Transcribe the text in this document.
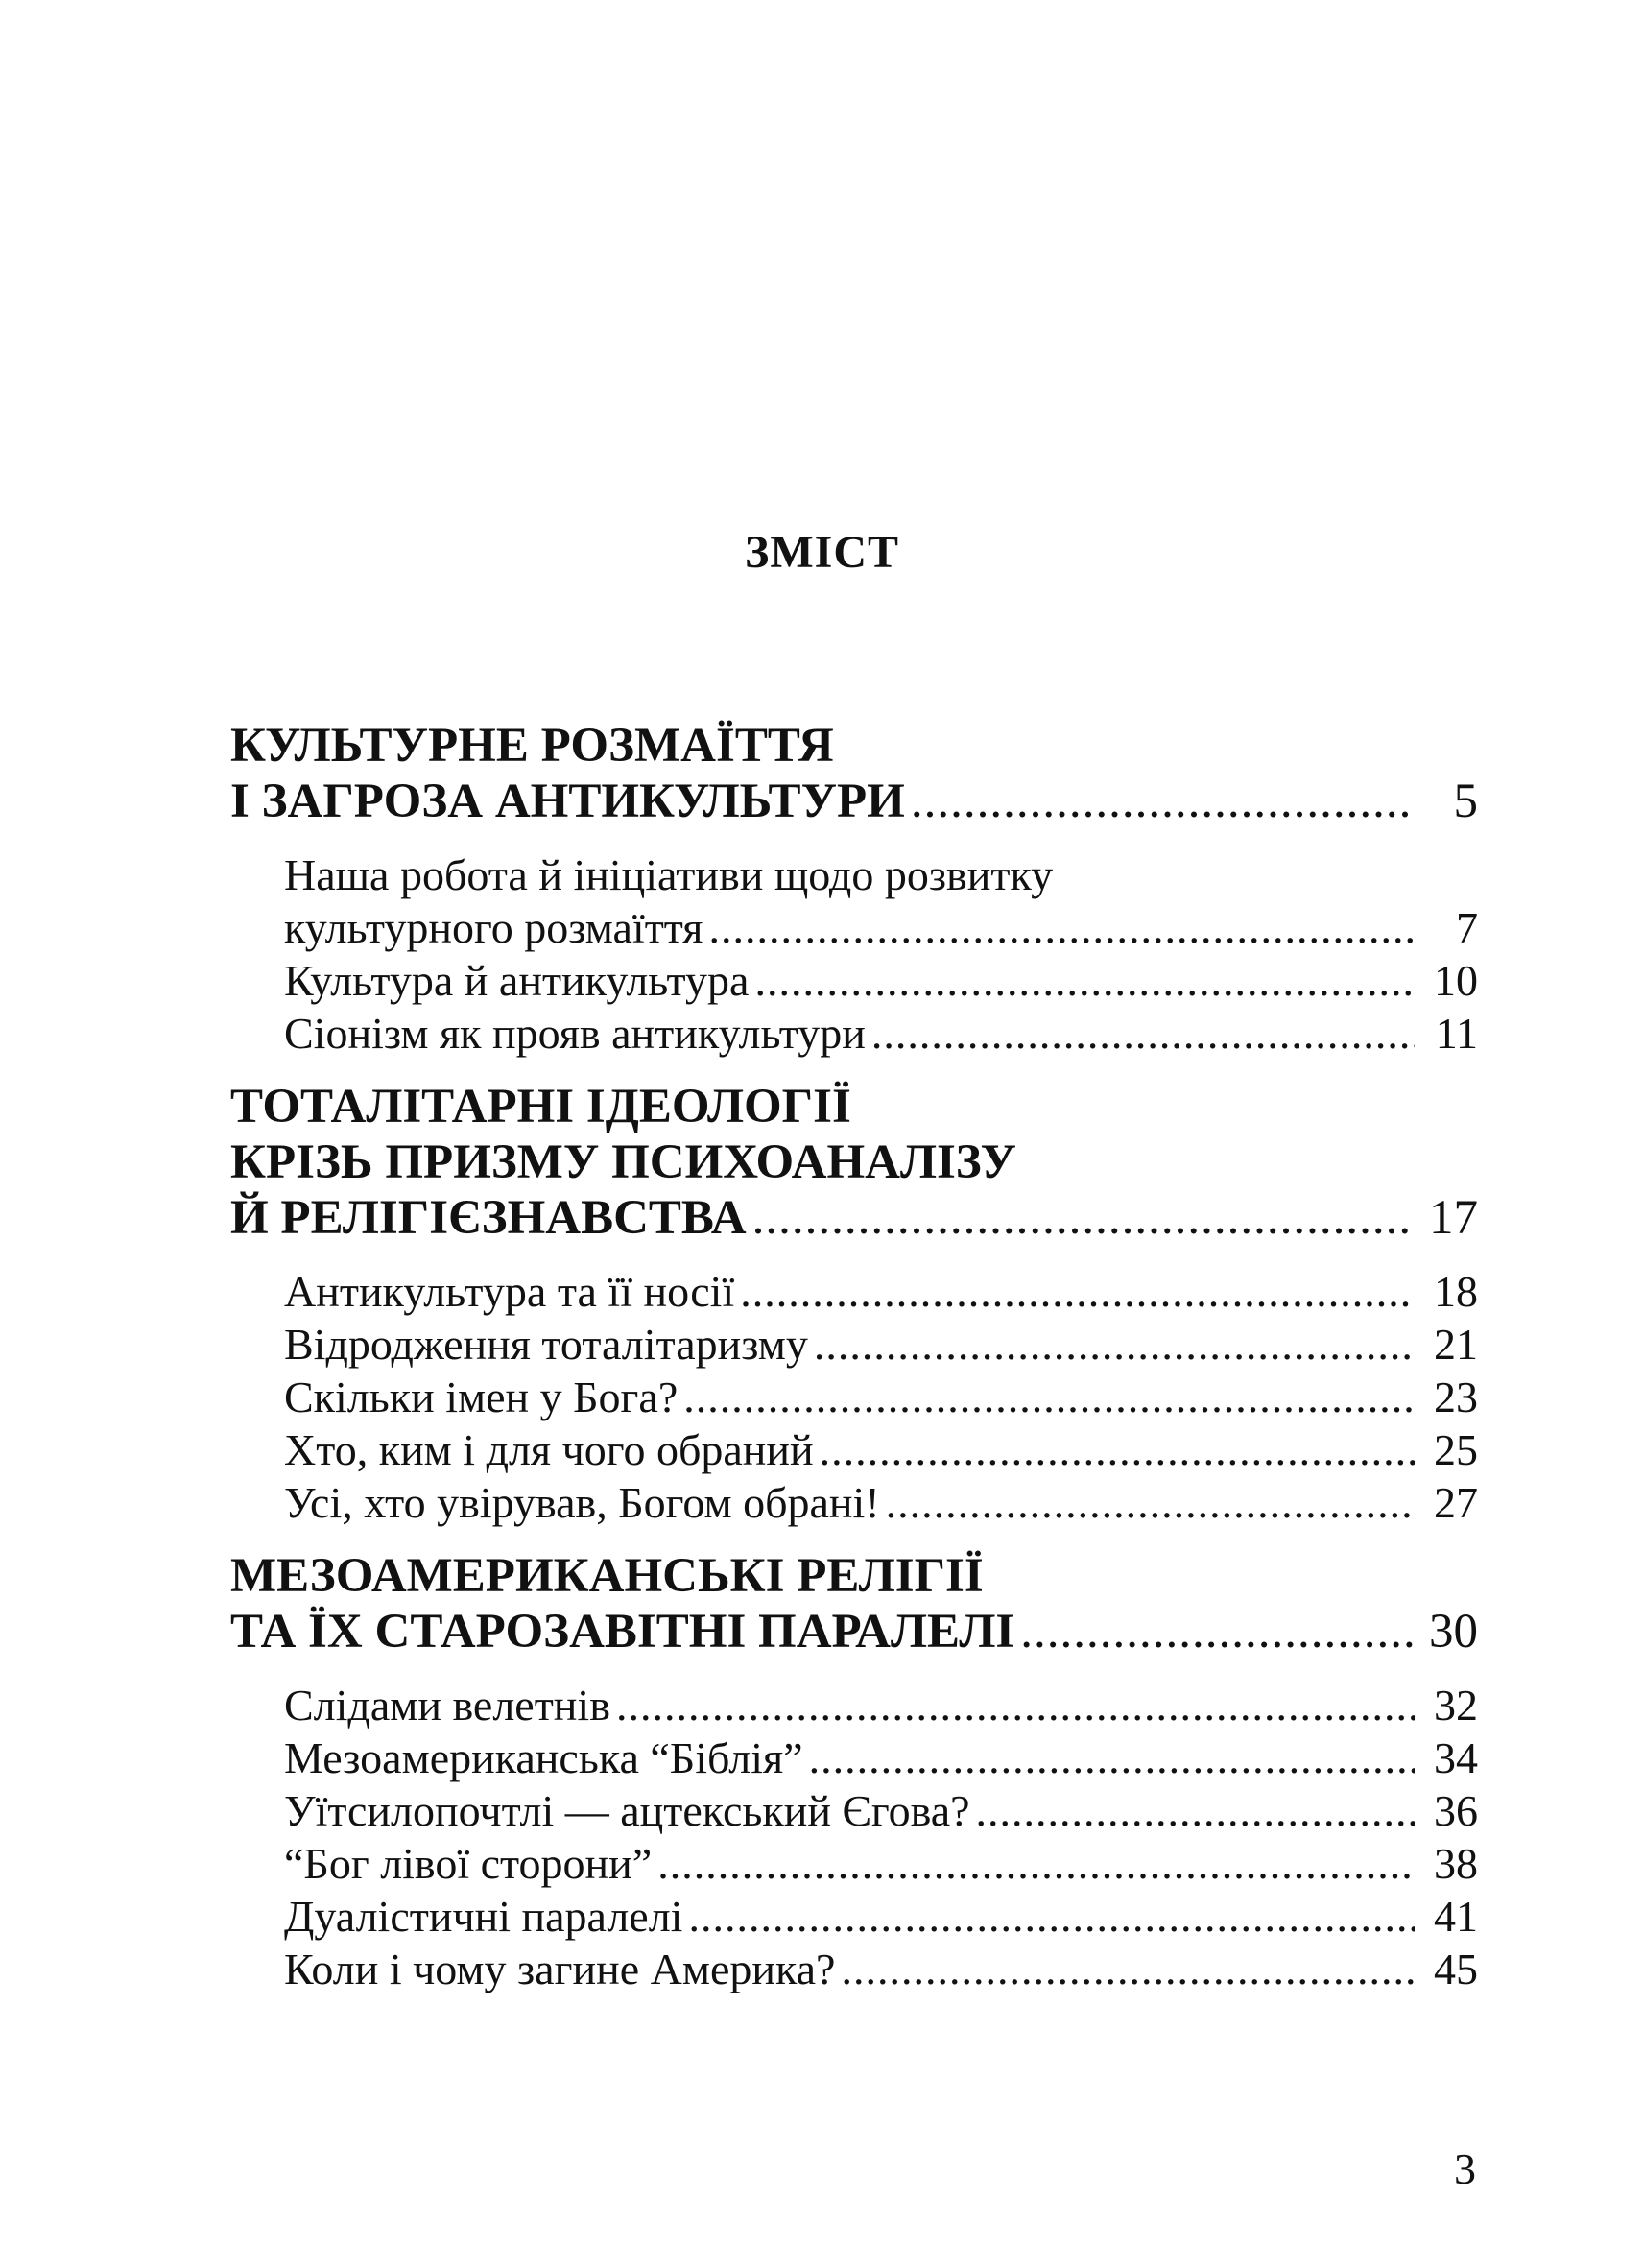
ЗМІСТ
КУЛЬТУРНЕ РОЗМАЇТТЯ
І ЗАГРОЗА АНТИКУЛЬТУРИ .....	5
Наша робота й ініціативи щодо розвитку
культурного розмаїття .....	7
Культура й антикультура .....	10
Сіонізм як прояв антикультури .....	11
ТОТАЛІТАРНІ ІДЕОЛОГІЇ
КРІЗЬ ПРИЗМУ ПСИХОАНАЛІЗУ
Й РЕЛІГІЄЗНАВСТВА .....	17
Антикультура та її носії .....	18
Відродження тоталітаризму .....	21
Скільки імен у Бога? .....	23
Хто, ким і для чого обраний .....	25
Усі, хто увірував, Богом обрані! .....	27
МЕЗОАМЕРИКАНСЬКІ РЕЛІГІЇ
ТА ЇХ СТАРОЗАВІТНІ ПАРАЛЕЛІ .....	30
Слідами велетнів .....	32
Мезоамериканська “Біблія” .....	34
Уїтсилопочтлі — ацтекський Єгова? .....	36
“Бог лівої сторони” .....	38
Дуалістичні паралелі .....	41
Коли і чому загине Америка? .....	45
3
